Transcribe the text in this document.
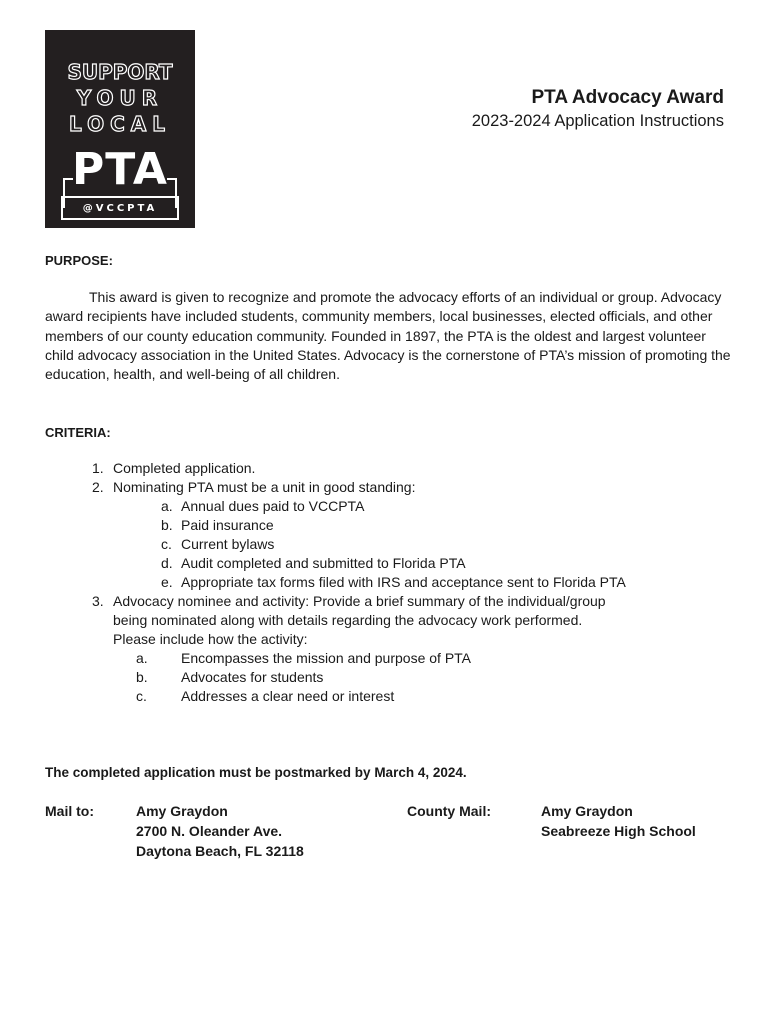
SUPPORT
YOUR
LOCAL
PTA
@VCCPTA
PTA Advocacy Award
2023-2024 Application Instructions
PURPOSE:
This award is given to recognize and promote the advocacy efforts of an individual or group. Advocacy award recipients have included students, community members, local businesses, elected officials, and other members of our county education community. Founded in 1897, the PTA is the oldest and largest volunteer child advocacy association in the United States. Advocacy is the cornerstone of PTA’s mission of promoting the education, health, and well-being of all children.
CRITERIA:
1. Completed application.
2. Nominating PTA must be a unit in good standing:
a. Annual dues paid to VCCPTA
b. Paid insurance
c. Current bylaws
d. Audit completed and submitted to Florida PTA
e. Appropriate tax forms filed with IRS and acceptance sent to Florida PTA
3. Advocacy nominee and activity: Provide a brief summary of the individual/group
being nominated along with details regarding the advocacy work performed.
Please include how the activity:
a. Encompasses the mission and purpose of PTA
b. Advocates for students
c. Addresses a clear need or interest
The completed application must be postmarked by March 4, 2024.
Mail to:	Amy Graydon
2700 N. Oleander Ave.
Daytona Beach, FL 32118
County Mail:	Amy Graydon
Seabreeze High School
